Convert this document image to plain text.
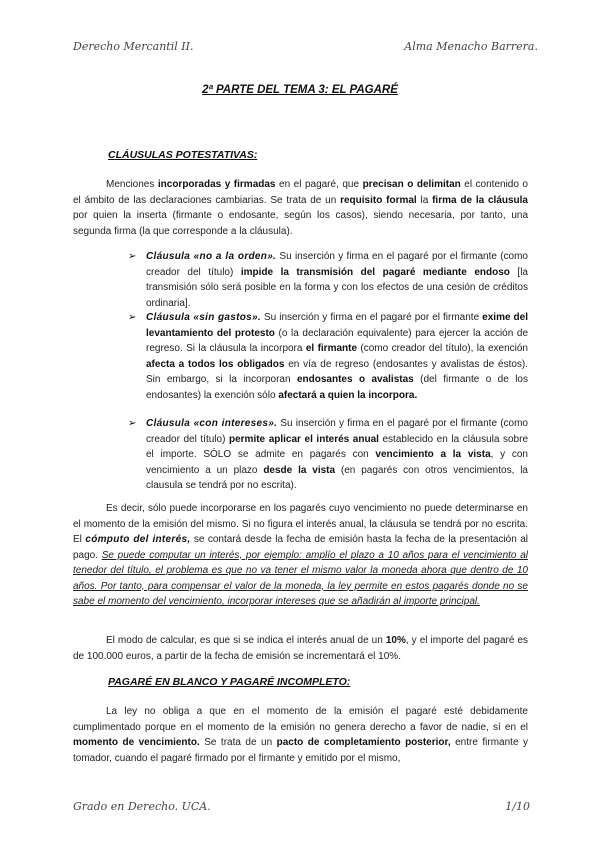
Derecho Mercantil II.	Alma Menacho Barrera.
2ª PARTE DEL TEMA 3: EL PAGARÉ
CLÁUSULAS POTESTATIVAS:

Menciones incorporadas y firmadas en el pagaré, que precisan o delimitan el contenido o el ámbito de las declaraciones cambiarias. Se trata de un requisito formal la firma de la cláusula por quien la inserta (firmante o endosante, según los casos), siendo necesaria, por tanto, una segunda firma (la que corresponde a la cláusula).

➢ Cláusula «no a la orden». Su inserción y firma en el pagaré por el firmante (como creador del título) impide la transmisión del pagaré mediante endoso [la transmisión sólo será posible en la forma y con los efectos de una cesión de créditos ordinaria].
➢ Cláusula «sin gastos». Su inserción y firma en el pagaré por el firmante exime del levantamiento del protesto (o la declaración equivalente) para ejercer la acción de regreso. Si la cláusula la incorpora el firmante (como creador del título), la exención afecta a todos los obligados en vía de regreso (endosantes y avalistas de éstos). Sin embargo, si la incorporan endosantes o avalistas (del firmante o de los endosantes) la exención sólo afectará a quien la incorpora.
➢ Cláusula «con intereses». Su inserción y firma en el pagaré por el firmante (como creador del título) permite aplicar el interés anual establecido en la cláusula sobre el importe. SÓLO se admite en pagarés con vencimiento a la vista, y con vencimiento a un plazo desde la vista (en pagarés con otros vencimientos, la clausula se tendrá por no escrita).

Es decir, sólo puede incorporarse en los pagarés cuyo vencimiento no puede determinarse en el momento de la emisión del mismo. Si no figura el interés anual, la cláusula se tendrá por no escrita. El cómputo del interés, se contará desde la fecha de emisión hasta la fecha de la presentación al pago. Se puede computar un interés, por ejemplo: amplío el plazo a 10 años para el vencimiento al tenedor del título, el problema es que no va tener el mismo valor la moneda ahora que dentro de 10 años. Por tanto, para compensar el valor de la moneda, la ley permite en estos pagarés donde no se sabe el momento del vencimiento, incorporar intereses que se añadirán al importe principal.

El modo de calcular, es que si se indica el interés anual de un 10%, y el importe del pagaré es de 100.000 euros, a partir de la fecha de emisión se incrementará el 10%.

PAGARÉ EN BLANCO Y PAGARÉ INCOMPLETO:

La ley no obliga a que en el momento de la emisión el pagaré esté debidamente cumplimentado porque en el momento de la emisión no genera derecho a favor de nadie, sí en el momento de vencimiento. Se trata de un pacto de completamiento posterior, entre firmante y tomador, cuando el pagaré firmado por el firmante y emitido por el mismo,

Grado en Derecho. UCA.	1/10
